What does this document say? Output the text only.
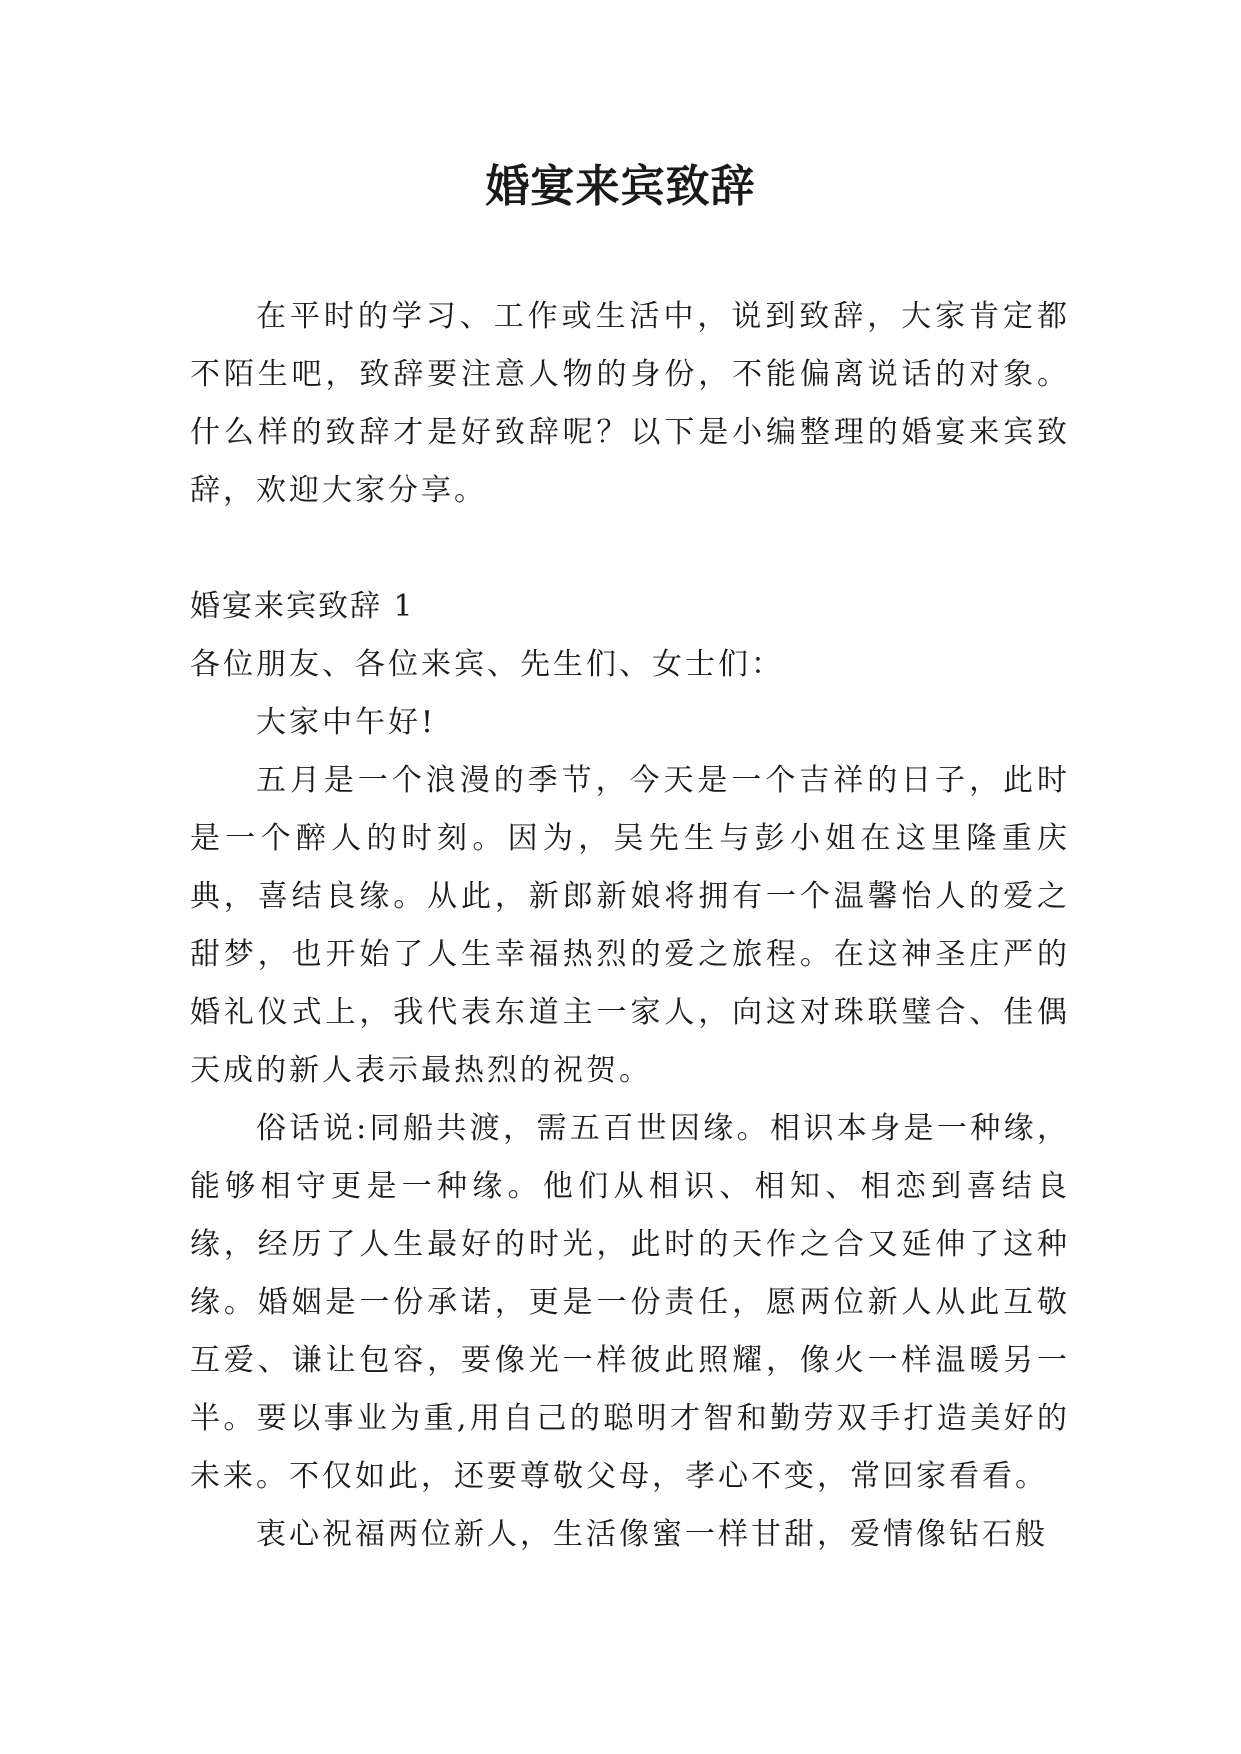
婚宴来宾致辞

在平时的学习、工作或生活中，说到致辞，大家肯定都不陌生吧，致辞要注意人物的身份，不能偏离说话的对象。什么样的致辞才是好致辞呢？以下是小编整理的婚宴来宾致辞，欢迎大家分享。

婚宴来宾致辞 1

各位朋友、各位来宾、先生们、女士们：

大家中午好!

五月是一个浪漫的季节，今天是一个吉祥的日子，此时是一个醉人的时刻。因为，吴先生与彭小姐在这里隆重庆典，喜结良缘。从此，新郎新娘将拥有一个温馨怡人的爱之甜梦，也开始了人生幸福热烈的爱之旅程。在这神圣庄严的婚礼仪式上，我代表东道主一家人，向这对珠联璧合、佳偶天成的新人表示最热烈的祝贺。

俗话说:同船共渡，需五百世因缘。相识本身是一种缘，能够相守更是一种缘。他们从相识、相知、相恋到喜结良缘，经历了人生最好的时光，此时的天作之合又延伸了这种缘。婚姻是一份承诺，更是一份责任，愿两位新人从此互敬互爱、谦让包容，要像光一样彼此照耀，像火一样温暖另一半。要以事业为重,用自己的聪明才智和勤劳双手打造美好的未来。不仅如此，还要尊敬父母，孝心不变，常回家看看。

衷心祝福两位新人，生活像蜜一样甘甜，爱情像钻石般
